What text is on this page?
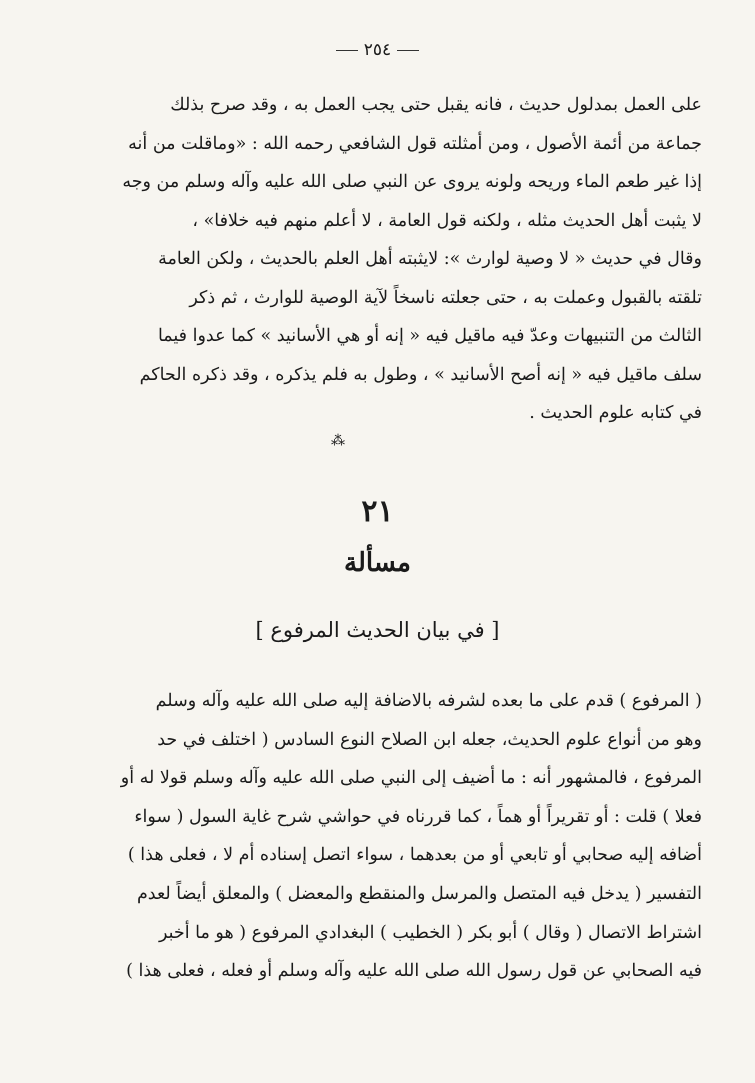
٢٥٤
على العمل بمدلول حديث ، فانه يقبل حتى يجب العمل به ، وقد صرح بذلك
جماعة من أئمة الأصول ، ومن أمثلته قول الشافعي رحمه الله : «وماقلت من أنه
إذا غير طعم الماء وريحه ولونه يروى عن النبي صلى الله عليه وآله وسلم من وجه
لا يثبت أهل الحديث مثله ، ولكنه قول العامة ، لا أعلم منهم فيه خلافا» ،
وقال في حديث « لا وصية لوارث »: لايثبته أهل العلم بالحديث ، ولكن العامة
تلقته بالقبول وعملت به ، حتى جعلته ناسخاً لآية الوصية للوارث ، ثم ذكر
الثالث من التنبيهات وعدّ فيه ماقيل فيه « إنه أو هي الأسانيد » كما عدوا فيما
سلف ماقيل فيه « إنه أصح الأسانيد » ، وطول به فلم يذكره ، وقد ذكره الحاكم
في كتابه علوم الحديث .
⁂
٢١
مسألة
[ في بيان الحديث المرفوع ]
( المرفوع ) قدم على ما بعده لشرفه بالاضافة إليه صلى الله عليه وآله وسلم
وهو من أنواع علوم الحديث، جعله ابن الصلاح النوع السادس ( اختلف في حد
المرفوع ، فالمشهور أنه : ما أضيف إلى النبي صلى الله عليه وآله وسلم قولا له أو
فعلا ) قلت : أو تقريراً أو هماً ، كما قررناه في حواشي شرح غاية السول ( سواء
أضافه إليه صحابي أو تابعي أو من بعدهما ، سواء اتصل إسناده أم لا ، فعلى هذا )
التفسير ( يدخل فيه المتصل والمرسل والمنقطع والمعضل ) والمعلق أيضاً لعدم
اشتراط الاتصال ( وقال ) أبو بكر ( الخطيب ) البغدادي المرفوع ( هو ما أخبر
فيه الصحابي عن قول رسول الله صلى الله عليه وآله وسلم أو فعله ، فعلى هذا )
